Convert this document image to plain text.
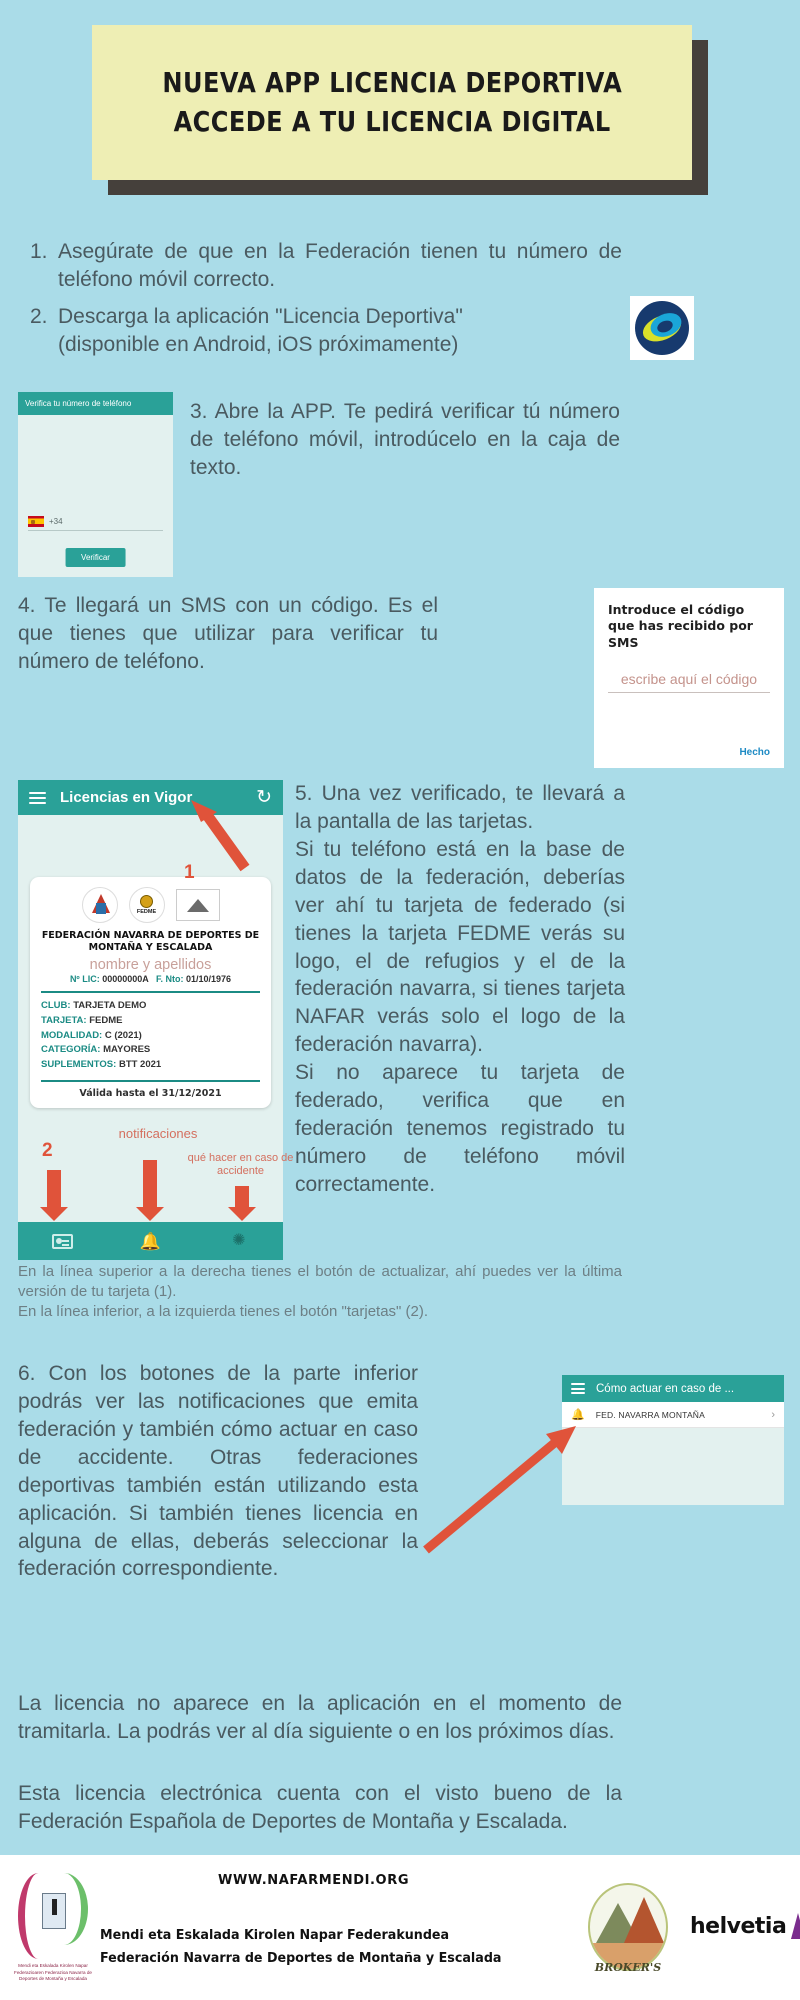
NUEVA APP LICENCIA DEPORTIVA
ACCEDE A TU LICENCIA DIGITAL
1. Asegúrate de que en la Federación tienen tu número de teléfono móvil correcto.
2. Descarga la aplicación "Licencia Deportiva" (disponible en Android, iOS próximamente)
Verifica tu número de teléfono
+34
Verificar
3. Abre la APP. Te pedirá verificar tú número de teléfono móvil, introdúcelo en la caja de texto.
4. Te llegará un SMS con un código. Es el que tienes que utilizar para verificar tu número de teléfono.
Introduce el código que has recibido por SMS
escribe aquí el código
Hecho
Licencias en Vigor	↻
FEDME
FEDERACIÓN NAVARRA DE DEPORTES DE MONTAÑA Y ESCALADA
nombre y apellidos
Nº LIC: 00000000A F. Nto: 01/10/1976
CLUB: TARJETA DEMO
TARJETA: FEDME
MODALIDAD: C (2021)
CATEGORÍA: MAYORES
SUPLEMENTOS: BTT 2021
Válida hasta el 31/12/2021
🔔	✺
1
2
notificaciones
qué hacer en caso de accidente

5. Una vez verificado, te llevará a la pantalla de las tarjetas.

Si tu teléfono está en la base de datos de la federación, deberías ver ahí tu tarjeta de federado (si tienes la tarjeta FEDME verás su logo, el de refugios y el de la federación navarra, si tienes tarjeta NAFAR verás solo el logo de la federación navarra).

Si no aparece tu tarjeta de federado, verifica que en federación tenemos registrado tu número de teléfono móvil correctamente.

En la línea superior a la derecha tienes el botón de actualizar, ahí puedes ver la última versión de tu tarjeta (1).
En la línea inferior, a la izquierda tienes el botón "tarjetas" (2).
6. Con los botones de la parte inferior podrás ver las notificaciones que emita federación y también cómo actuar en caso de accidente. Otras federaciones deportivas también están utilizando esta aplicación. Si también tienes licencia en alguna de ellas, deberás seleccionar la federación correspondiente.
Cómo actuar en caso de ...
🔔 FED. NAVARRA MONTAÑA	›
La licencia no aparece en la aplicación en el momento de tramitarla. La podrás ver al día siguiente o en los próximos días.
Esta licencia electrónica cuenta con el visto bueno de la Federación Española de Deportes de Montaña y Escalada.
Mendi eta Eskalada Kirolen Napar Federazioaren Federazioa Navarra de Deportes de Montaña y Escalada
WWW.NAFARMENDI.ORG
Mendi eta Eskalada Kirolen Napar Federakundea
Federación Navarra de Deportes de Montaña y Escalada
BROKER'S
helvetia
